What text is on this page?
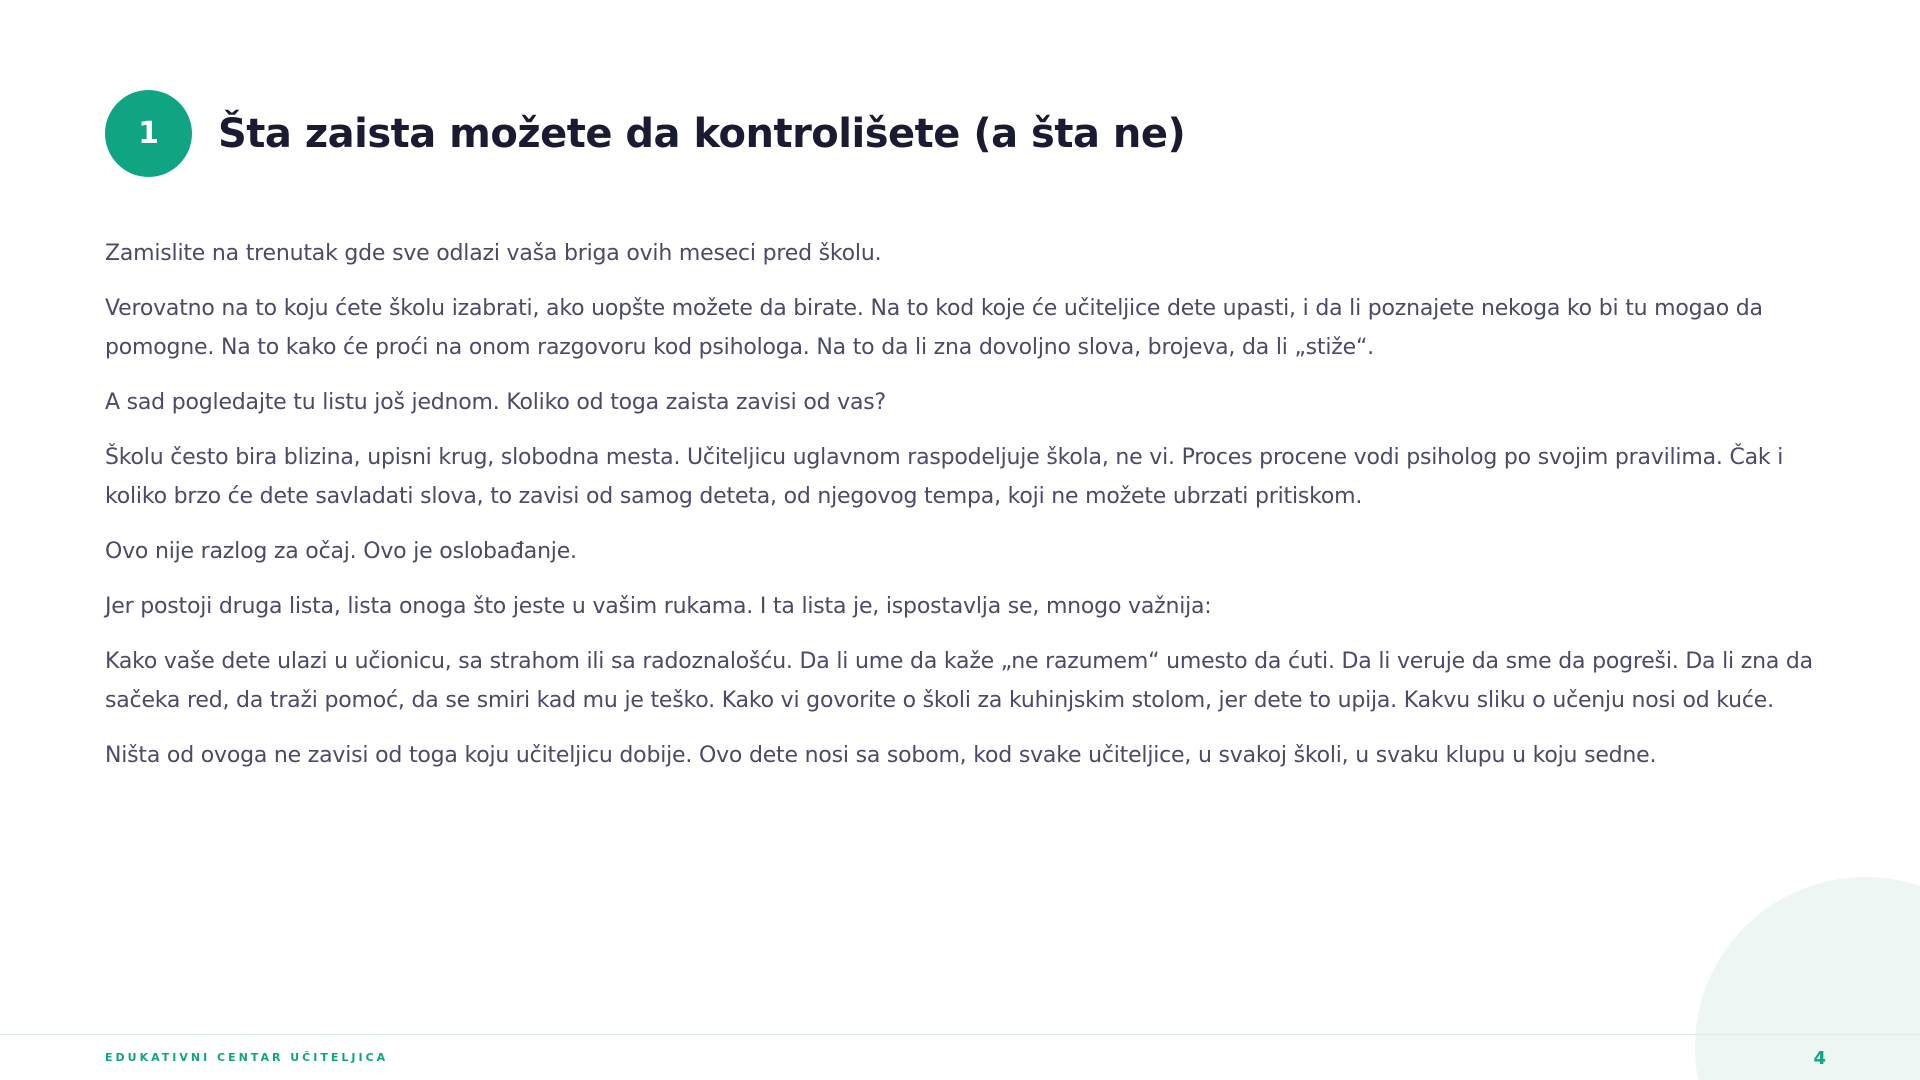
1	Šta zaista možete da kontrolišete (a šta ne)

Zamislite na trenutak gde sve odlazi vaša briga ovih meseci pred školu.

Verovatno na to koju ćete školu izabrati, ako uopšte možete da birate. Na to kod koje će učiteljice dete upasti, i da li poznajete nekoga ko bi tu mogao da pomogne. Na to kako će proći na onom razgovoru kod psihologa. Na to da li zna dovoljno slova, brojeva, da li „stiže“.

A sad pogledajte tu listu još jednom. Koliko od toga zaista zavisi od vas?

Školu često bira blizina, upisni krug, slobodna mesta. Učiteljicu uglavnom raspodeljuje škola, ne vi. Proces procene vodi psiholog po svojim pravilima. Čak i koliko brzo će dete savladati slova, to zavisi od samog deteta, od njegovog tempa, koji ne možete ubrzati pritiskom.

Ovo nije razlog za očaj. Ovo je oslobađanje.

Jer postoji druga lista, lista onoga što jeste u vašim rukama. I ta lista je, ispostavlja se, mnogo važnija:

Kako vaše dete ulazi u učionicu, sa strahom ili sa radoznalošću. Da li ume da kaže „ne razumem“ umesto da ćuti. Da li veruje da sme da pogreši. Da li zna da sačeka red, da traži pomoć, da se smiri kad mu je teško. Kako vi govorite o školi za kuhinjskim stolom, jer dete to upija. Kakvu sliku o učenju nosi od kuće.

Ništa od ovoga ne zavisi od toga koju učiteljicu dobije. Ovo dete nosi sa sobom, kod svake učiteljice, u svakoj školi, u svaku klupu u koju sedne.

EDUKATIVNI CENTAR UČITELJICA	4
